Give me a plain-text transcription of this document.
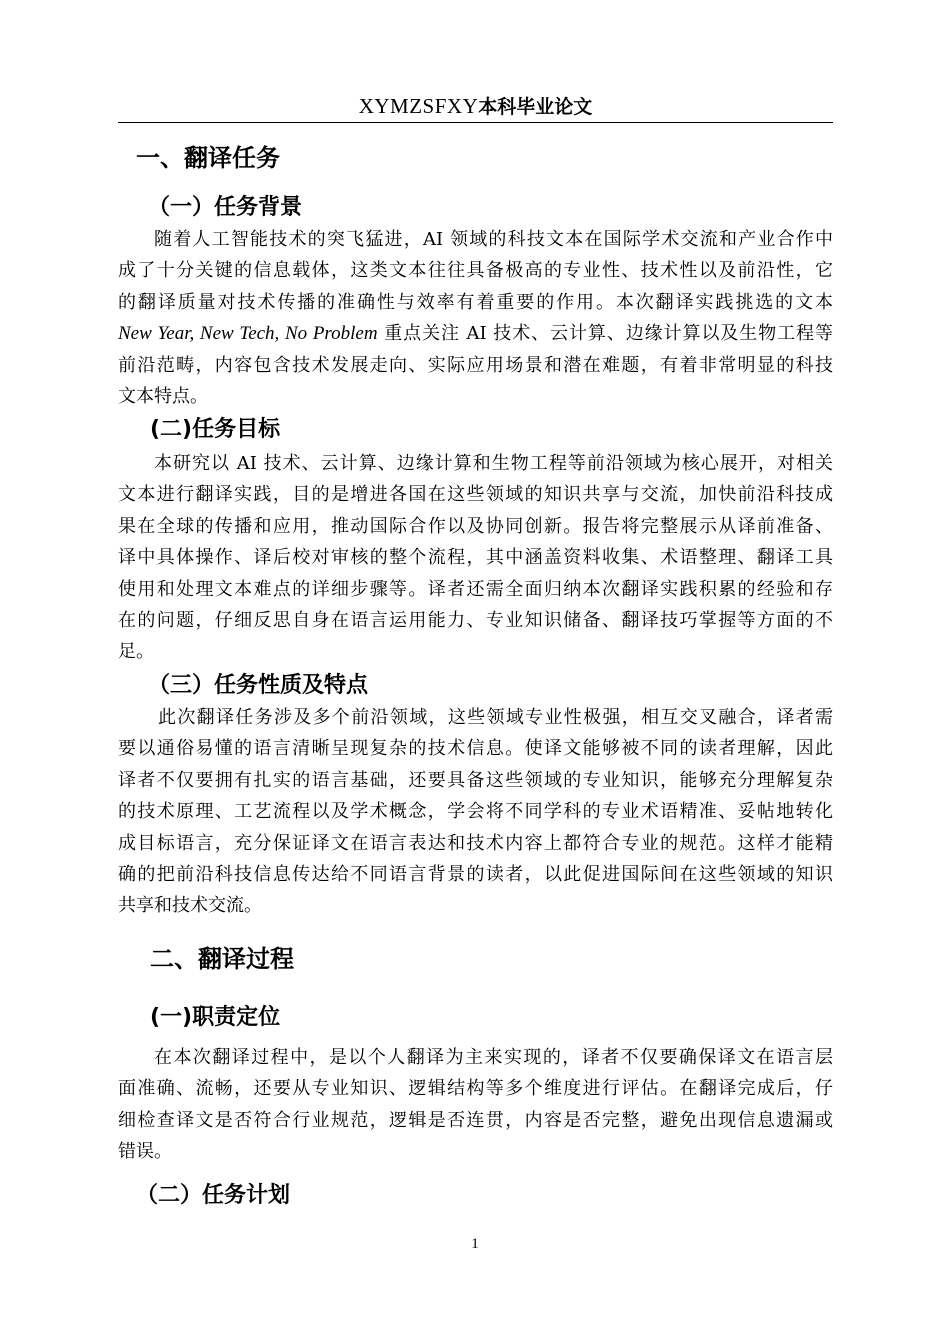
XYMZSFXY本科毕业论文
一、翻译任务
（一）任务背景
随着人工智能技术的突飞猛进，AI 领域的科技文本在国际学术交流和产业合作中
成了十分关键的信息载体，这类文本往往具备极高的专业性、技术性以及前沿性，它
的翻译质量对技术传播的准确性与效率有着重要的作用。本次翻译实践挑选的文本
New Year, New Tech, No Problem 重点关注 AI 技术、云计算、边缘计算以及生物工程等
前沿范畴，内容包含技术发展走向、实际应用场景和潜在难题，有着非常明显的科技
文本特点。
(二)任务目标
本研究以 AI 技术、云计算、边缘计算和生物工程等前沿领域为核心展开，对相关
文本进行翻译实践，目的是增进各国在这些领域的知识共享与交流，加快前沿科技成
果在全球的传播和应用，推动国际合作以及协同创新。报告将完整展示从译前准备、
译中具体操作、译后校对审核的整个流程，其中涵盖资料收集、术语整理、翻译工具
使用和处理文本难点的详细步骤等。译者还需全面归纳本次翻译实践积累的经验和存
在的问题，仔细反思自身在语言运用能力、专业知识储备、翻译技巧掌握等方面的不
足。
（三）任务性质及特点
此次翻译任务涉及多个前沿领域，这些领域专业性极强，相互交叉融合，译者需
要以通俗易懂的语言清晰呈现复杂的技术信息。使译文能够被不同的读者理解，因此
译者不仅要拥有扎实的语言基础，还要具备这些领域的专业知识，能够充分理解复杂
的技术原理、工艺流程以及学术概念，学会将不同学科的专业术语精准、妥帖地转化
成目标语言，充分保证译文在语言表达和技术内容上都符合专业的规范。这样才能精
确的把前沿科技信息传达给不同语言背景的读者，以此促进国际间在这些领域的知识
共享和技术交流。
二、翻译过程
(一)职责定位
在本次翻译过程中，是以个人翻译为主来实现的，译者不仅要确保译文在语言层
面准确、流畅，还要从专业知识、逻辑结构等多个维度进行评估。在翻译完成后，仔
细检查译文是否符合行业规范，逻辑是否连贯，内容是否完整，避免出现信息遗漏或
错误。
（二）任务计划
1
